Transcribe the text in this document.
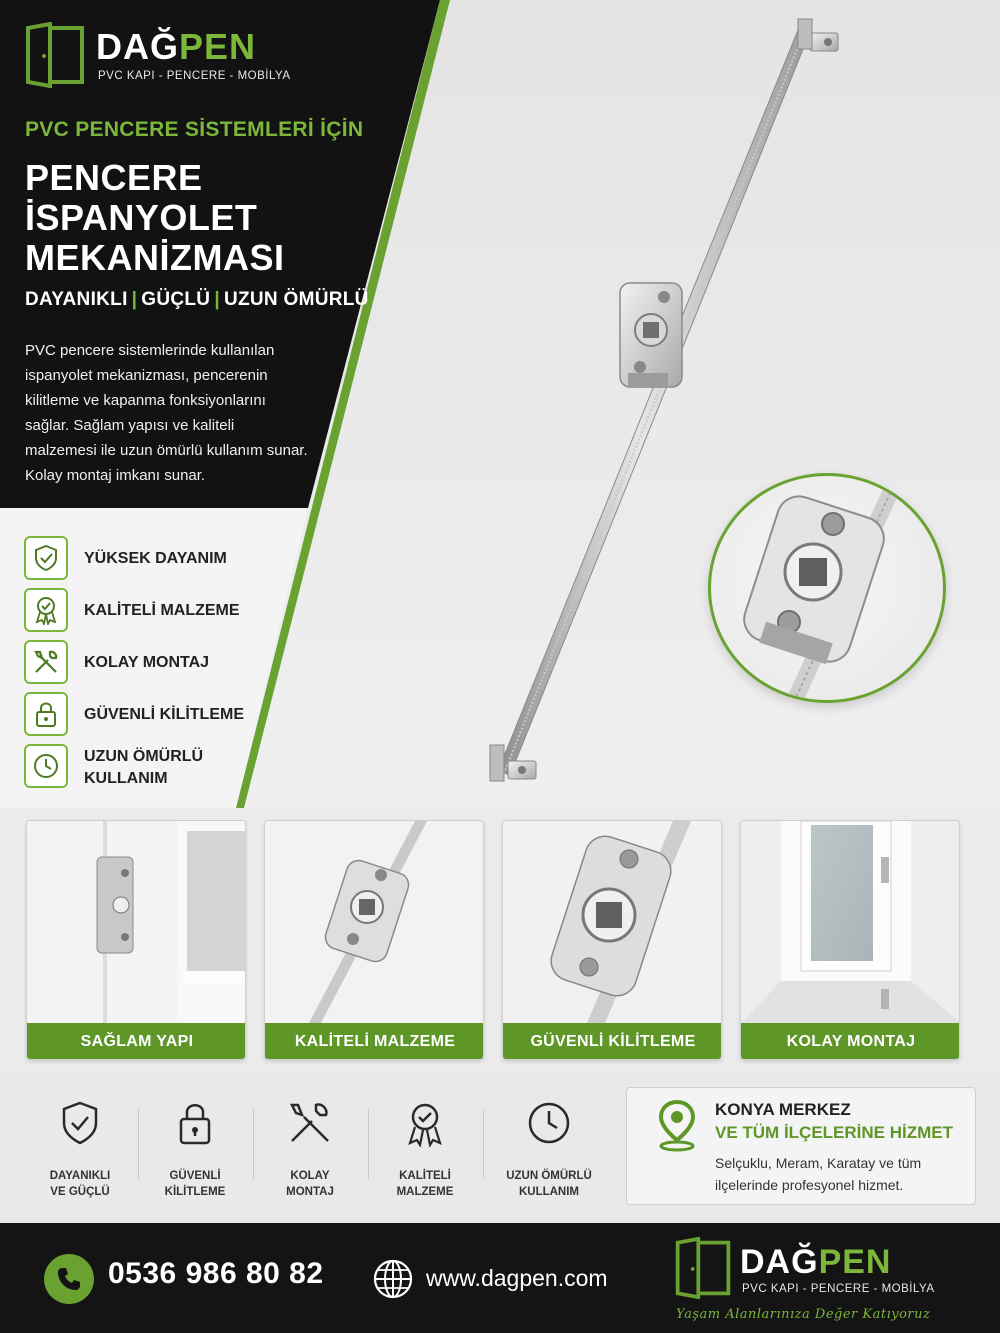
DAĞPEN
PVC KAPI - PENCERE - MOBİLYA
PVC PENCERE SİSTEMLERİ İÇİN
PENCERE
İSPANYOLET
MEKANİZMASI
DAYANIKLI | GÜÇLÜ | UZUN ÖMÜRLÜ
PVC pencere sistemlerinde kullanılan ispanyolet mekanizması, pencerenin kilitleme ve kapanma fonksiyonlarını sağlar. Sağlam yapısı ve kaliteli malzemesi ile uzun ömürlü kullanım sunar. Kolay montaj imkanı sunar.
YÜKSEK DAYANIM
KALİTELİ MALZEME
KOLAY MONTAJ
GÜVENLİ KİLİTLEME
UZUN ÖMÜRLÜ KULLANIM
SAĞLAM YAPI	KALİTELİ MALZEME	GÜVENLİ KİLİTLEME	KOLAY MONTAJ
DAYANIKLI
VE GÜÇLÜ
GÜVENLİ
KİLİTLEME
KOLAY
MONTAJ
KALİTELİ
MALZEME
UZUN ÖMÜRLÜ
KULLANIM
KONYA MERKEZ
VE TÜM İLÇELERİNE HİZMET
Selçuklu, Meram, Karatay ve tüm ilçelerinde profesyonel hizmet.
0536 986 80 82	www.dagpen.com	DAĞPEN
PVC KAPI - PENCERE - MOBİLYA
Yaşam Alanlarınıza Değer Katıyoruz
